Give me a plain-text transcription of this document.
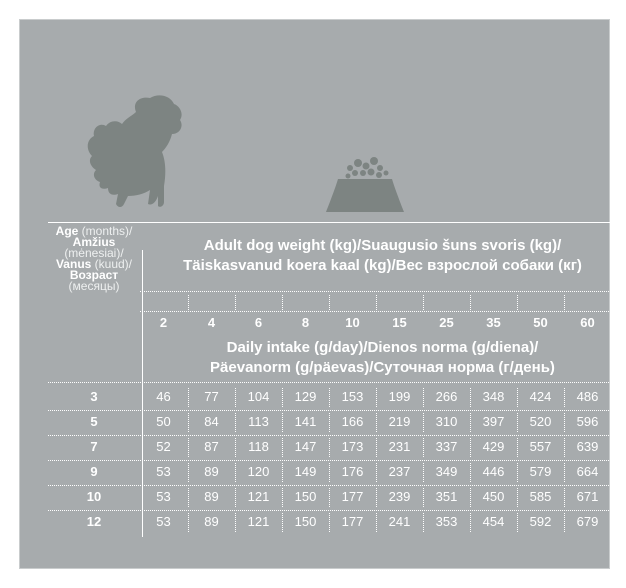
Age (months)/
Amžius
(mėnesiai)/
Vanus (kuud)/
Возраст
(месяцы)
Adult dog weight (kg)/Suaugusio šuns svoris (kg)/
Täiskasvanud koera kaal (kg)/Вес взрослой собаки (кг)
2	4	6	8	10	15	25	35	50	60
Daily intake (g/day)/Dienos norma (g/diena)/
Päevanorm (g/päevas)/Суточная норма (г/день)
3	46	77	104	129	153	199	266	348	424	486
5	50	84	113	141	166	219	310	397	520	596
7	52	87	118	147	173	231	337	429	557	639
9	53	89	120	149	176	237	349	446	579	664
10	53	89	121	150	177	239	351	450	585	671
12	53	89	121	150	177	241	353	454	592	679
